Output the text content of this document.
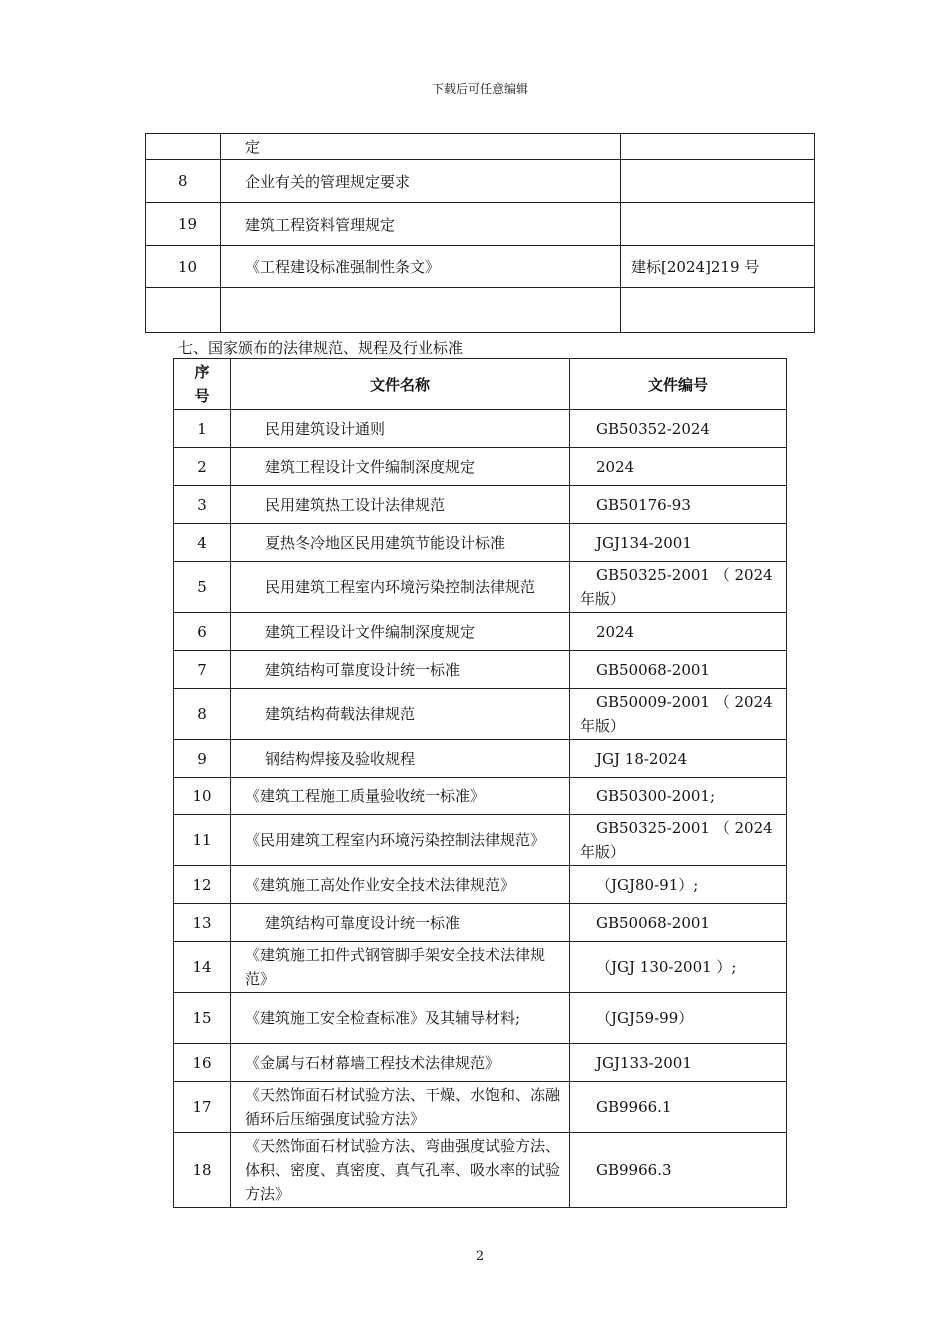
下载后可任意编辑
	定	
8	企业有关的管理规定要求	
19	建筑工程资料管理规定	
10	《工程建设标准强制性条文》	建标[2024]219 号

七、国家颁布的法律规范、规程及行业标准
序号	文件名称	文件编号
1	民用建筑设计通则	GB50352-2024
2	建筑工程设计文件编制深度规定	2024
3	民用建筑热工设计法律规范	GB50176-93
4	夏热冬冷地区民用建筑节能设计标准	JGJ134-2001
5	民用建筑工程室内环境污染控制法律规范	GB50325-2001 （ 2024 年版）
6	建筑工程设计文件编制深度规定	2024
7	建筑结构可靠度设计统一标准	GB50068-2001
8	建筑结构荷载法律规范	GB50009-2001 （ 2024 年版）
9	钢结构焊接及验收规程	JGJ 18-2024
10	《建筑工程施工质量验收统一标准》	GB50300-2001;
11	《民用建筑工程室内环境污染控制法律规范》	GB50325-2001 （ 2024 年版）
12	《建筑施工高处作业安全技术法律规范》	（JGJ80-91）;
13	建筑结构可靠度设计统一标准	GB50068-2001
14	《建筑施工扣件式钢管脚手架安全技术法律规范》	（JGJ 130-2001 ）;
15	《建筑施工安全检查标准》及其辅导材料;	（JGJ59-99）
16	《金属与石材幕墙工程技术法律规范》	JGJ133-2001
17	《天然饰面石材试验方法、干燥、水饱和、冻融循环后压缩强度试验方法》	GB9966.1
18	《天然饰面石材试验方法、弯曲强度试验方法、体积、密度、真密度、真气孔率、吸水率的试验方法》	GB9966.3
2
